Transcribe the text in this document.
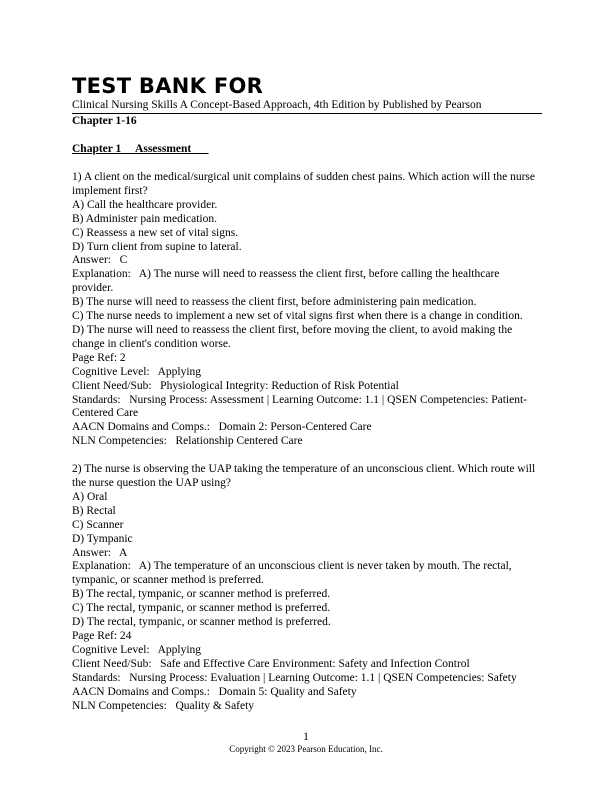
TEST BANK FOR
Clinical Nursing Skills A Concept-Based Approach, 4th Edition by Published by Pearson
Chapter 1-16
Chapter 1     Assessment
1) A client on the medical/surgical unit complains of sudden chest pains. Which action will the nurse implement first?
A) Call the healthcare provider.
B) Administer pain medication.
C) Reassess a new set of vital signs.
D) Turn client from supine to lateral.
Answer:   C
Explanation:   A) The nurse will need to reassess the client first, before calling the healthcare provider.
B) The nurse will need to reassess the client first, before administering pain medication.
C) The nurse needs to implement a new set of vital signs first when there is a change in condition.
D) The nurse will need to reassess the client first, before moving the client, to avoid making the change in client's condition worse.
Page Ref: 2
Cognitive Level:   Applying
Client Need/Sub:   Physiological Integrity: Reduction of Risk Potential
Standards:   Nursing Process: Assessment | Learning Outcome: 1.1 | QSEN Competencies: Patient-Centered Care
AACN Domains and Comps.:   Domain 2: Person-Centered Care
NLN Competencies:   Relationship Centered Care
2) The nurse is observing the UAP taking the temperature of an unconscious client. Which route will the nurse question the UAP using?
A) Oral
B) Rectal
C) Scanner
D) Tympanic
Answer:   A
Explanation:   A) The temperature of an unconscious client is never taken by mouth. The rectal, tympanic, or scanner method is preferred.
B) The rectal, tympanic, or scanner method is preferred.
C) The rectal, tympanic, or scanner method is preferred.
D) The rectal, tympanic, or scanner method is preferred.
Page Ref: 24
Cognitive Level:   Applying
Client Need/Sub:   Safe and Effective Care Environment: Safety and Infection Control
Standards:   Nursing Process: Evaluation | Learning Outcome: 1.1 | QSEN Competencies: Safety
AACN Domains and Comps.:   Domain 5: Quality and Safety
NLN Competencies:   Quality & Safety
1
Copyright © 2023 Pearson Education, Inc.
